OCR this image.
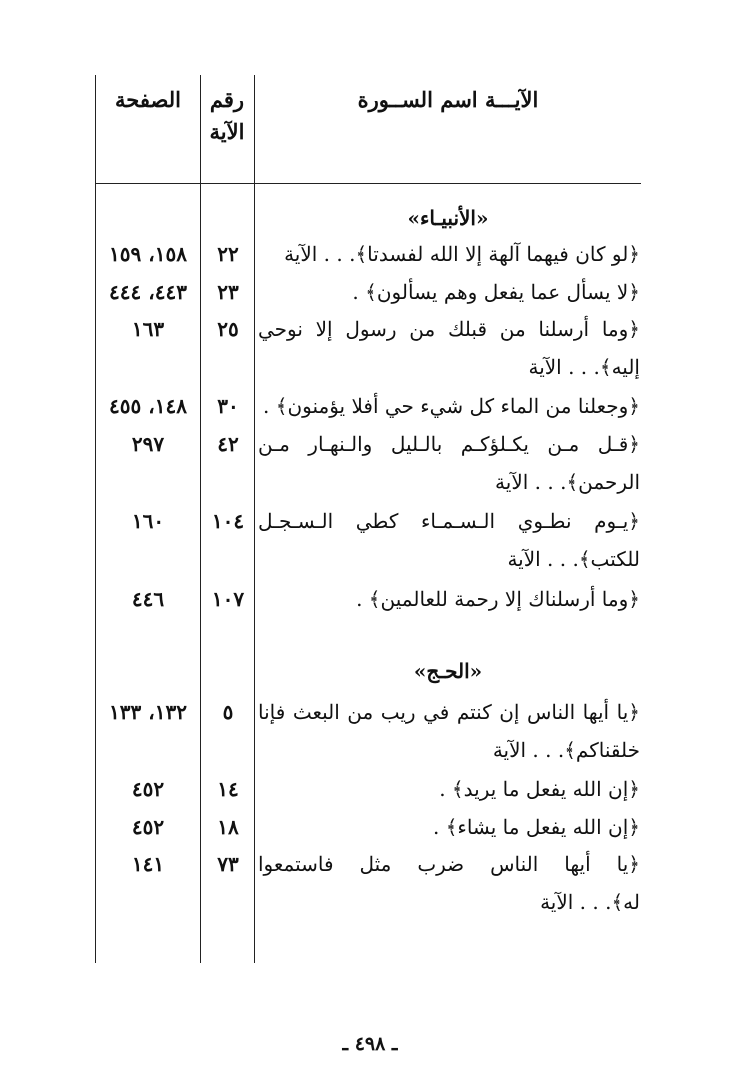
الآيـــة اسم الســورة
رقم الآية
الصفحة
«الأنبيـاء»
﴿لو كان فيهما آلهة إلا الله لفسدتا﴾. . . الآية
٢٢
١٥٨، ١٥٩
﴿لا يسأل عما يفعل وهم يسألون﴾ .
٢٣
٤٤٣، ٤٤٤
﴿وما أرسلنا من قبلك من رسول إلا نوحي
إليه﴾. . . الآية
٢٥
١٦٣
﴿وجعلنا من الماء كل شيء حي أفلا يؤمنون﴾ .
٣٠
١٤٨، ٤٥٥
﴿قـل مـن يكـلؤكـم بالـليل والـنهـار مـن
الرحمن﴾. . . الآية
٤٢
٢٩٧
﴿يـوم نطـوي الـسـمـاء كطي الـسـجـل
للكتب﴾. . . الآية
١٠٤
١٦٠
﴿وما أرسلناك إلا رحمة للعالمين﴾ .
١٠٧
٤٤٦
«الحـج»
﴿يا أيها الناس إن كنتم في ريب من البعث فإنا
خلقناكم﴾. . . الآية
٥
١٣٢، ١٣٣
﴿إن الله يفعل ما يريد﴾ .
١٤
٤٥٢
﴿إن الله يفعل ما يشاء﴾ .
١٨
٤٥٢
﴿يا أيها الناس ضرب مثل فاستمعوا
له﴾. . . الآية
٧٣
١٤١
ـ ٤٩٨ ـ
